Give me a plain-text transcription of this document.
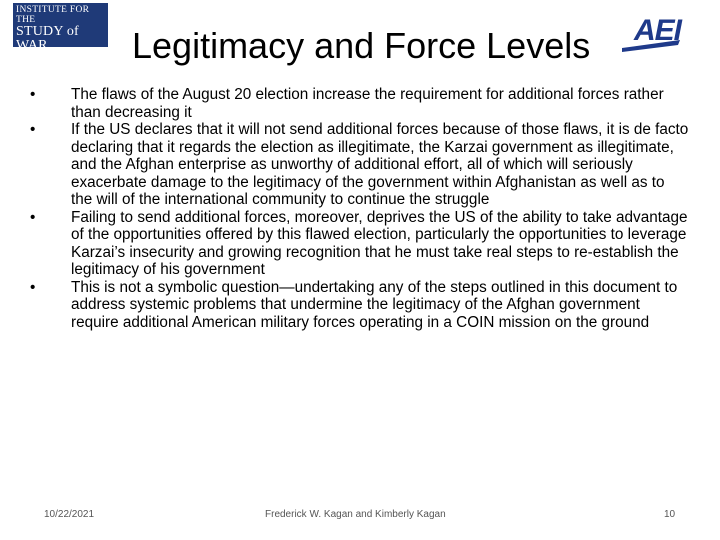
INSTITUTE FOR THE
STUDY of WAR
MILITARY ANALYSIS AND EDUCATION FOR CIVILIAN LEADERS
AEI
Legitimacy and Force Levels
• The flaws of the August 20 election increase the requirement for additional forces rather than decreasing it
• If the US declares that it will not send additional forces because of those flaws, it is de facto declaring that it regards the election as illegitimate, the Karzai government as illegitimate, and the Afghan enterprise as unworthy of additional effort, all of which will seriously exacerbate damage to the legitimacy of the government within Afghanistan as well as to the will of the international community to continue the struggle
• Failing to send additional forces, moreover, deprives the US of the ability to take advantage of the opportunities offered by this flawed election, particularly the opportunities to leverage Karzai’s insecurity and growing recognition that he must take real steps to re-establish the legitimacy of his government
• This is not a symbolic question—undertaking any of the steps outlined in this document to address systemic problems that undermine the legitimacy of the Afghan government require additional American military forces operating in a COIN mission on the ground
10/22/2021	Frederick W. Kagan and Kimberly Kagan	10
